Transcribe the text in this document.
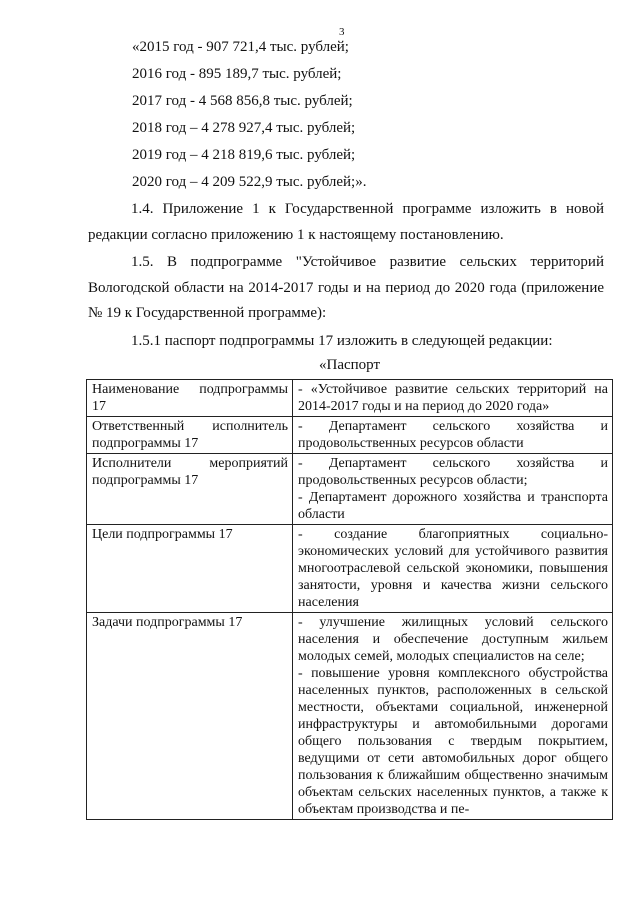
3
«2015 год - 907 721,4 тыс. рублей;
2016 год - 895 189,7 тыс. рублей;
2017 год - 4 568 856,8 тыс. рублей;
2018 год – 4 278 927,4 тыс. рублей;
2019 год – 4 218 819,6 тыс. рублей;
2020 год – 4 209 522,9 тыс. рублей;».

1.4. Приложение 1 к Государственной программе изложить в новой редакции согласно приложению 1 к настоящему постановлению.

1.5. В подпрограмме "Устойчивое развитие сельских территорий Вологодской области на 2014-2017 годы и на период до 2020 года (приложение № 19 к Государственной программе):

1.5.1 паспорт подпрограммы 17 изложить в следующей редакции:

«Паспорт
Наименование подпрограммы 17	- «Устойчивое развитие сельских территорий на 2014-2017 годы и на период до 2020 года»
Ответственный исполнитель подпрограммы 17	- Департамент сельского хозяйства и продовольственных ресурсов области
Исполнители мероприятий подпрограммы 17	- Департамент сельского хозяйства и продовольственных ресурсов области;
- Департамент дорожного хозяйства и транспорта области

Цели подпрограммы 17	- создание благоприятных социально-экономических условий для устойчивого развития многоотраслевой сельской экономики, повышения занятости, уровня и качества жизни сельского населения
Задачи подпрограммы 17	- улучшение жилищных условий сельского населения и обеспечение доступным жильем молодых семей, молодых специалистов на селе;
- повышение уровня комплексного обустройства населенных пунктов, расположенных в сельской местности, объектами социальной, инженерной инфраструктуры и автомобильными дорогами общего пользования с твердым покрытием, ведущими от сети автомобильных дорог общего пользования к ближайшим общественно значимым объектам сельских населенных пунктов, а также к объектам производства и пе-
